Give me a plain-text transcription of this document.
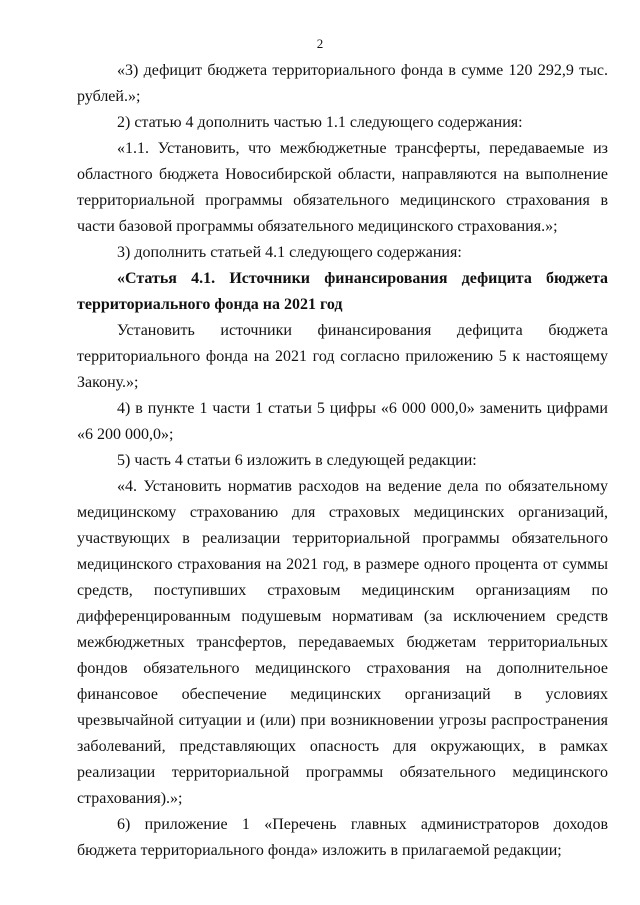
2

«3) дефицит бюджета территориального фонда в сумме 120 292,9 тыс. рублей.»;

2) статью 4 дополнить частью 1.1 следующего содержания:

«1.1. Установить, что межбюджетные трансферты, передаваемые из областного бюджета Новосибирской области, направляются на выполнение территориальной программы обязательного медицинского страхования в части базовой программы обязательного медицинского страхования.»;

3) дополнить статьей 4.1 следующего содержания:

«Статья 4.1. Источники финансирования дефицита бюджета территориального фонда на 2021 год

Установить источники финансирования дефицита бюджета территориального фонда на 2021 год согласно приложению 5 к настоящему Закону.»;

4) в пункте 1 части 1 статьи 5 цифры «6 000 000,0» заменить цифрами «6 200 000,0»;

5) часть 4 статьи 6 изложить в следующей редакции:

«4. Установить норматив расходов на ведение дела по обязательному медицинскому страхованию для страховых медицинских организаций, участвующих в реализации территориальной программы обязательного медицинского страхования на 2021 год, в размере одного процента от суммы средств, поступивших страховым медицинским организациям по дифференцированным подушевым нормативам (за исключением средств межбюджетных трансфертов, передаваемых бюджетам территориальных фондов обязательного медицинского страхования на дополнительное финансовое обеспечение медицинских организаций в условиях чрезвычайной ситуации и (или) при возникновении угрозы распространения заболеваний, представляющих опасность для окружающих, в рамках реализации территориальной программы обязательного медицинского страхования).»;

6) приложение 1 «Перечень главных администраторов доходов бюджета территориального фонда» изложить в прилагаемой редакции;
